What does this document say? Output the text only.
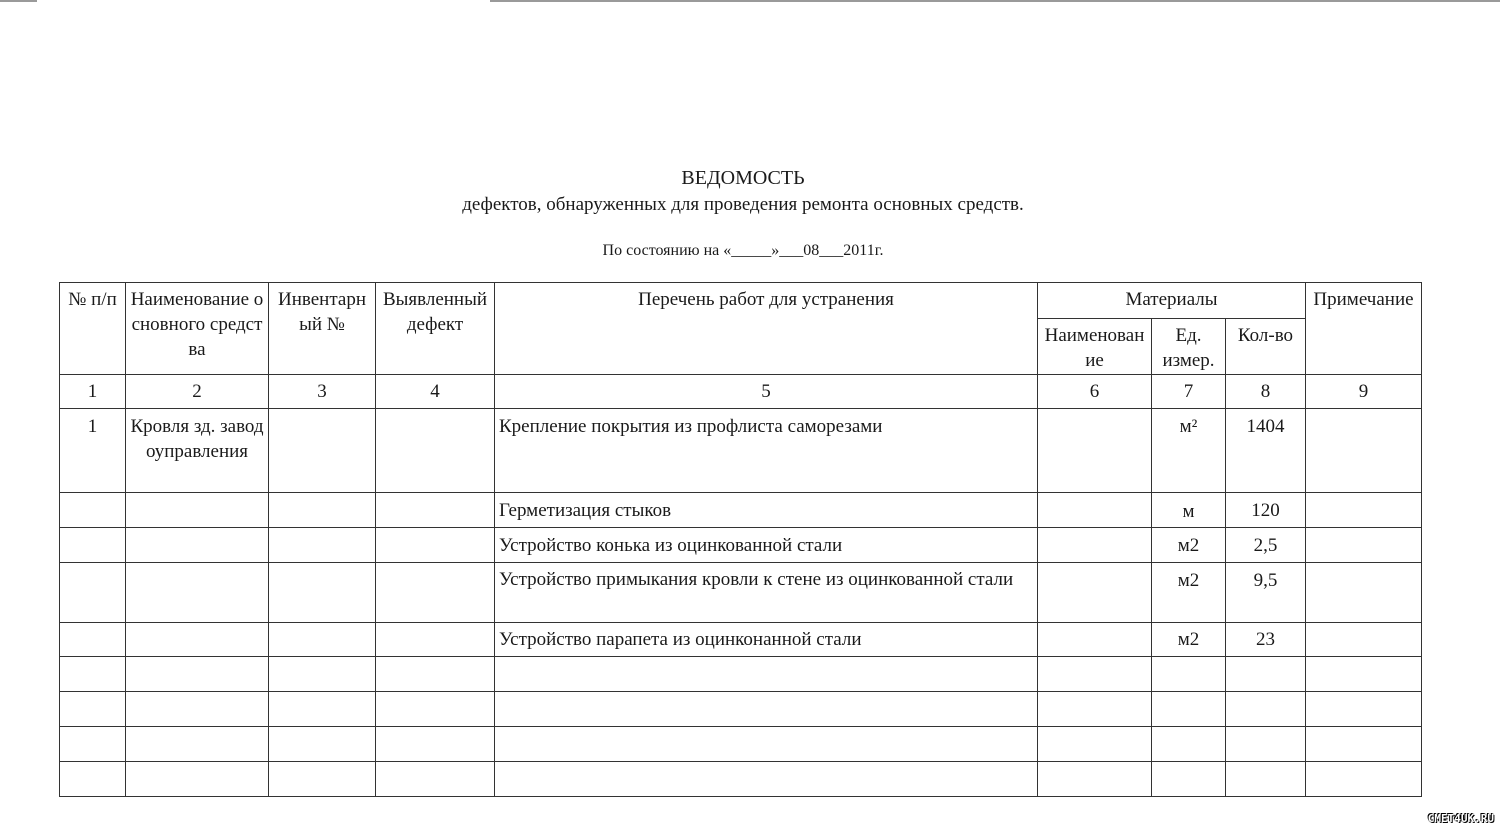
ВЕДОМОСТЬ
дефектов, обнаруженных для проведения ремонта основных средств.
По состоянию на «_____»___08___2011г.
№ п/п	Наименование основного средства	Инвентарный №	Выявленный дефект	Перечень работ для устранения	Материалы			Примечание
					Наименование	Ед. измер.	Кол-во	
1	2	3	4	5	6	7	8	9
1	Кровля зд. заводоуправления			Крепление покрытия из профлиста саморезами		м²	1404	
				Герметизация стыков		м	120	
				Устройство конька из оцинкованной стали		м2	2,5	
				Устройство примыкания кровли к стене из оцинкованной стали		м2	9,5	
				Устройство парапета из оцинконанной стали		м2	23	

СМЕТ4UK.RU
